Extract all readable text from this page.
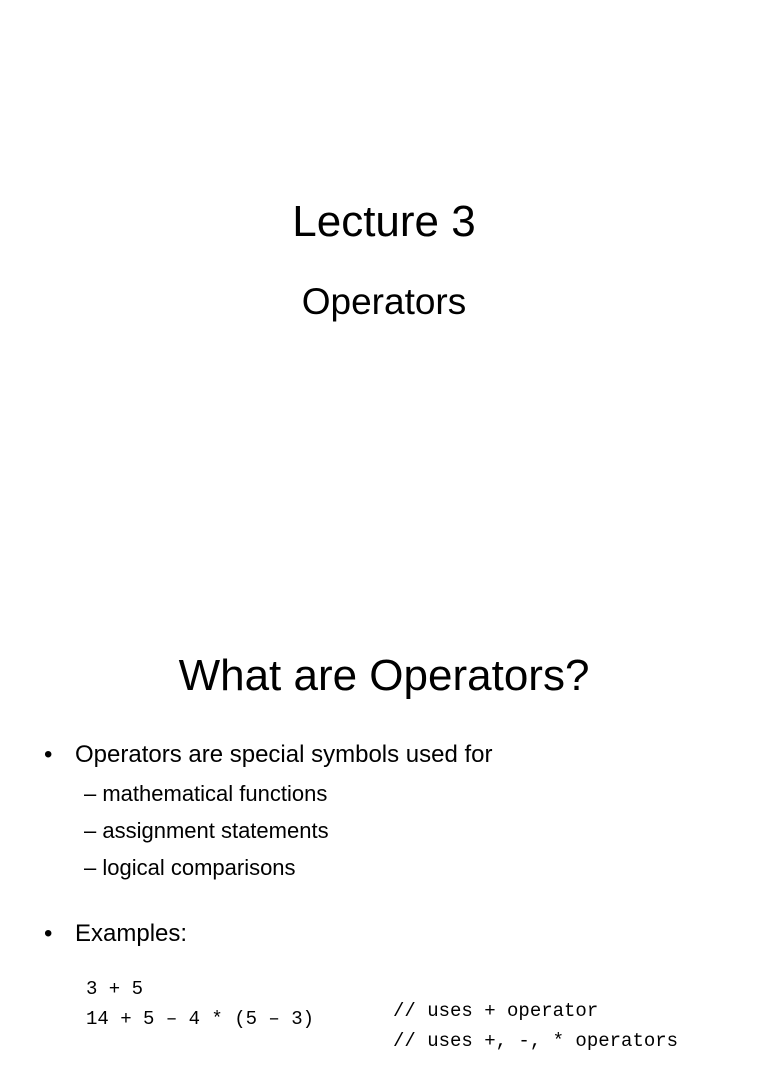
Lecture 3
Operators
What are Operators?
• Operators are special symbols used for
– mathematical functions
– assignment statements
– logical comparisons
• Examples:

3 + 5

// uses + operator

14 + 5 – 4 * (5 – 3)

// uses +, -, * operators
